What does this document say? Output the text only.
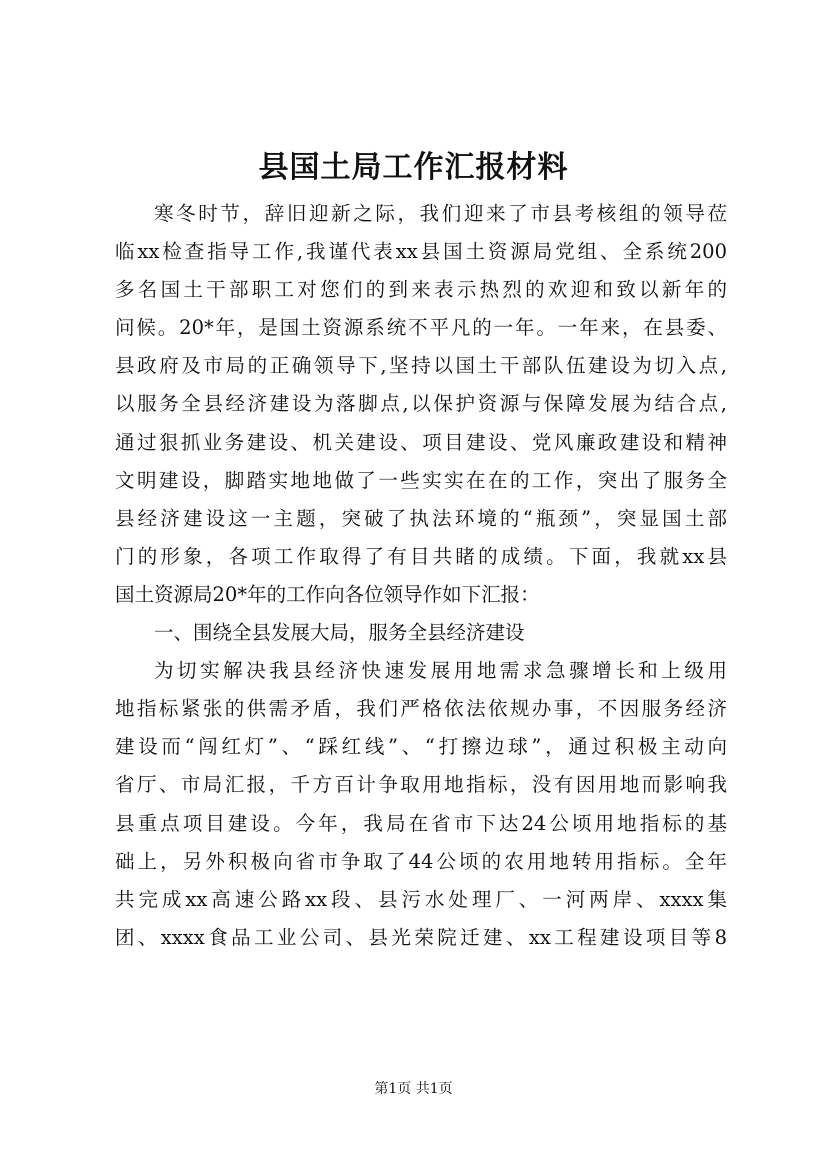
县国土局工作汇报材料

寒冬时节，辞旧迎新之际，我们迎来了市县考核组的领导莅

临xx检查指导工作,我谨代表xx县国土资源局党组、全系统200

多名国土干部职工对您们的到来表示热烈的欢迎和致以新年的

问候。20*年，是国土资源系统不平凡的一年。一年来，在县委、

县政府及市局的正确领导下,坚持以国土干部队伍建设为切入点,

以服务全县经济建设为落脚点,以保护资源与保障发展为结合点,

通过狠抓业务建设、机关建设、项目建设、党风廉政建设和精神

文明建设，脚踏实地地做了一些实实在在的工作，突出了服务全

县经济建设这一主题，突破了执法环境的“瓶颈”，突显国土部

门的形象，各项工作取得了有目共睹的成绩。下面，我就xx县

国土资源局20*年的工作向各位领导作如下汇报：

一、围绕全县发展大局，服务全县经济建设

为切实解决我县经济快速发展用地需求急骤增长和上级用

地指标紧张的供需矛盾，我们严格依法依规办事，不因服务经济

建设而“闯红灯”、“踩红线”、“打擦边球”，通过积极主动向

省厅、市局汇报，千方百计争取用地指标，没有因用地而影响我

县重点项目建设。今年，我局在省市下达24公顷用地指标的基

础上，另外积极向省市争取了44公顷的农用地转用指标。全年

共完成xx高速公路xx段、县污水处理厂、一河两岸、xxxx集

团、xxxx食品工业公司、县光荣院迁建、xx工程建设项目等8

第1页 共1页
